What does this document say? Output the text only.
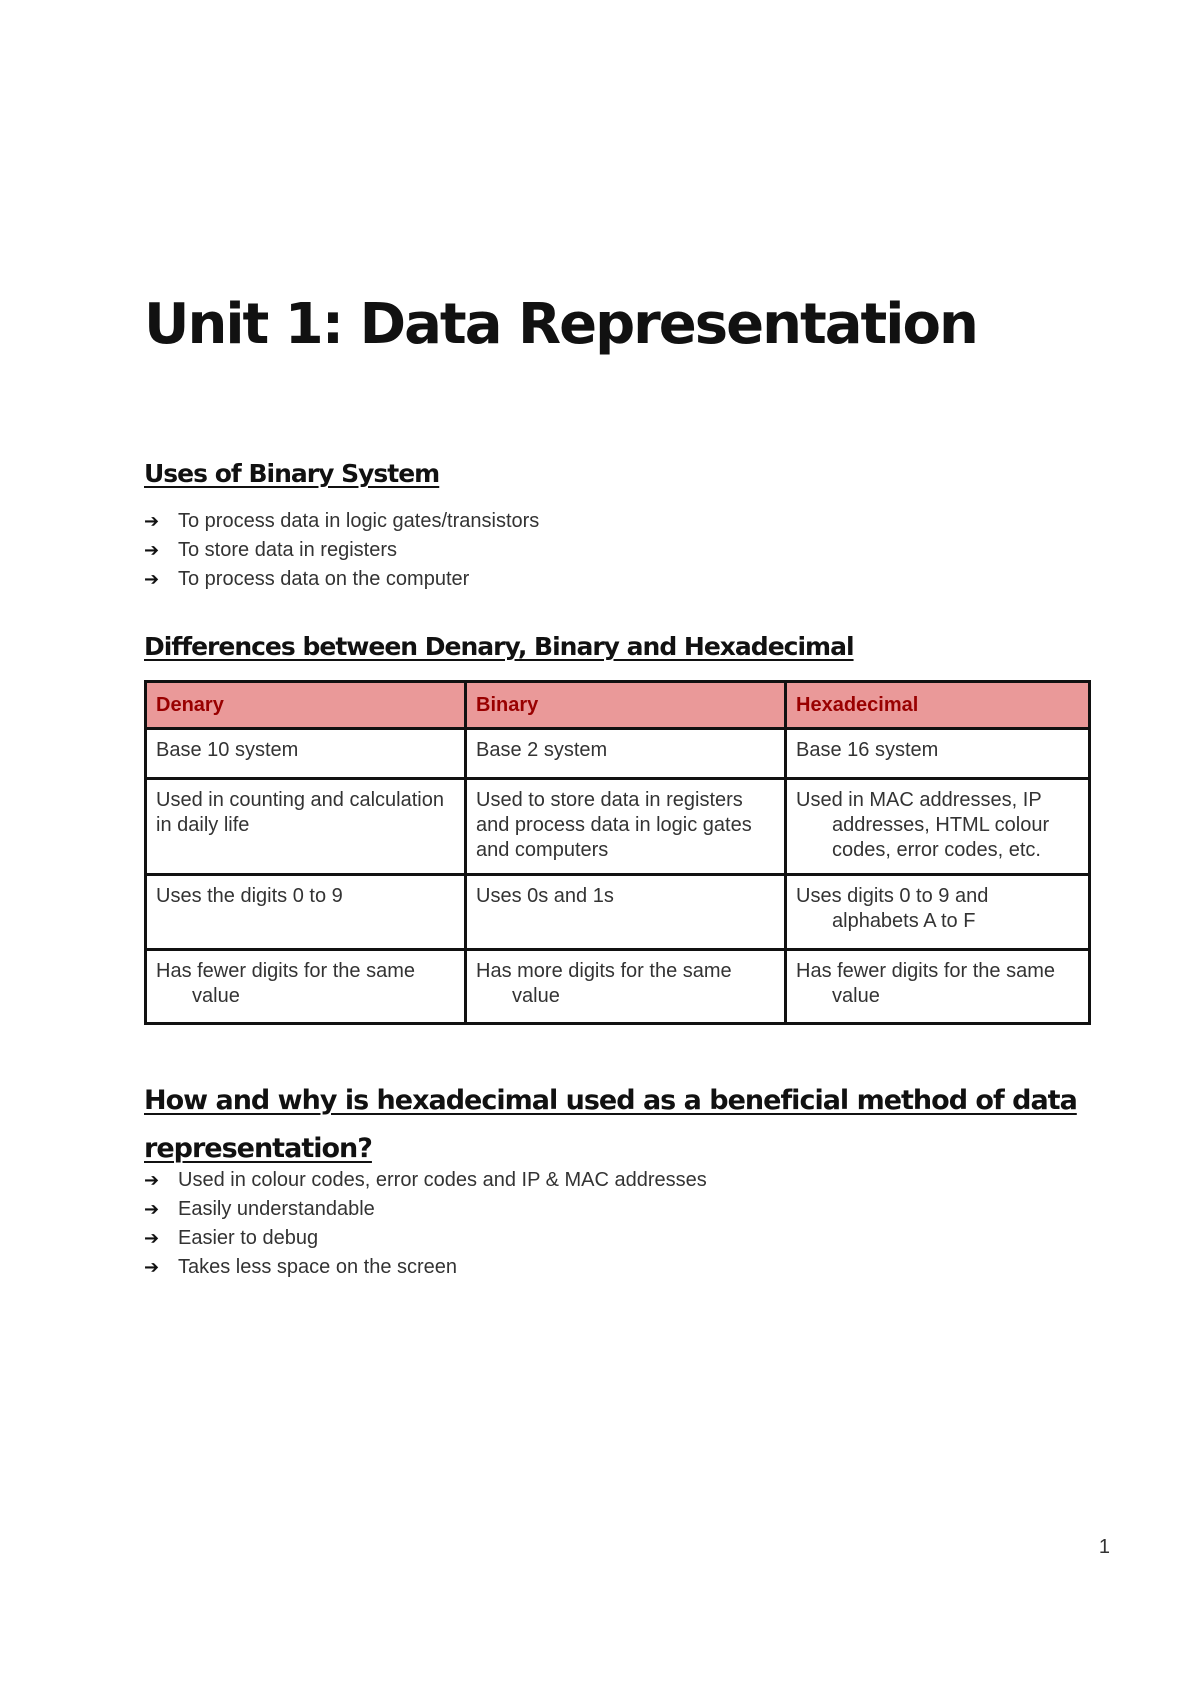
Unit 1: Data Representation
Uses of Binary System
➔ To process data in logic gates/transistors
➔ To store data in registers
➔ To process data on the computer
Differences between Denary, Binary and Hexadecimal
Denary	Binary	Hexadecimal
Base 10 system	Base 2 system	Base 16 system
Used in counting and calculation in daily life	Used to store data in registers and process data in logic gates and computers	Used in MAC addresses, IP addresses, HTML colour codes, error codes, etc.

Uses the digits 0 to 9	Uses 0s and 1s	Uses digits 0 to 9 and alphabets A to F

Has fewer digits for the same value	Has more digits for the same value	Has fewer digits for the same value
How and why is hexadecimal used as a beneficial method of data representation?
➔ Used in colour codes, error codes and IP & MAC addresses
➔ Easily understandable
➔ Easier to debug
➔ Takes less space on the screen
1
